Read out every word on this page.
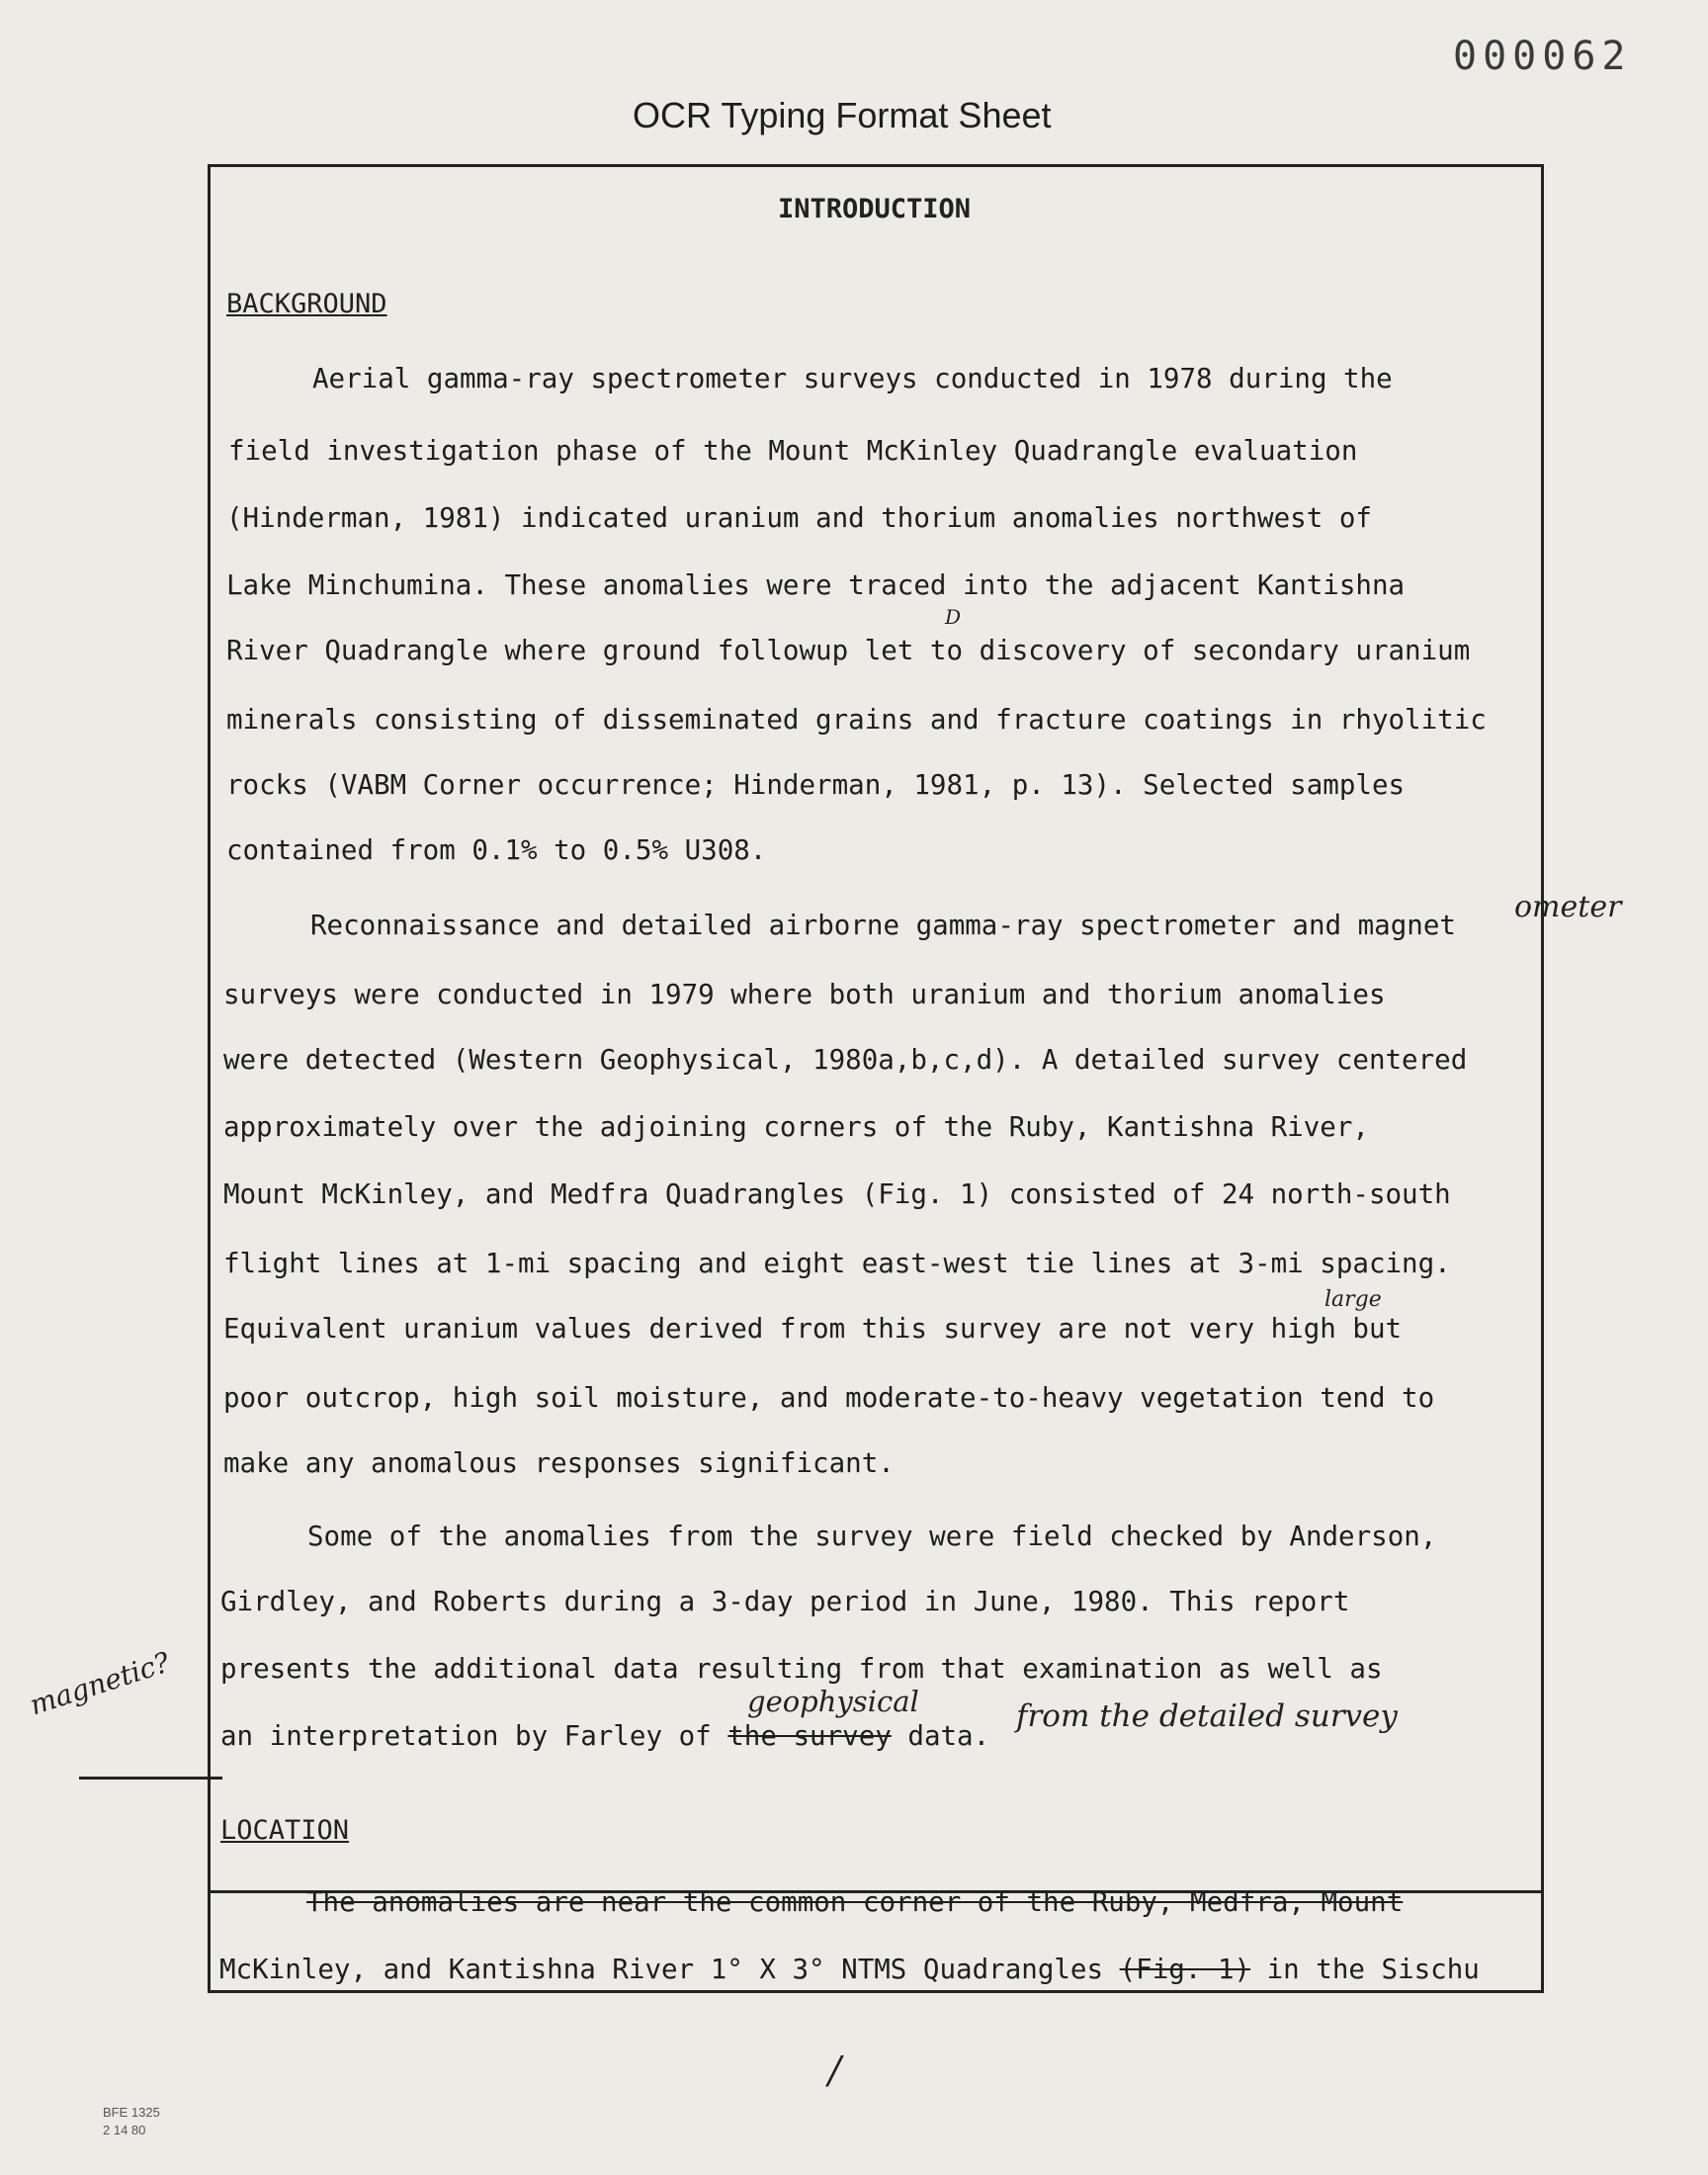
000062
OCR Typing Format Sheet
INTRODUCTION
BACKGROUND
Aerial gamma-ray spectrometer surveys conducted in 1978 during the
field investigation phase of the Mount McKinley Quadrangle evaluation
(Hinderman, 1981) indicated uranium and thorium anomalies northwest of
Lake Minchumina. These anomalies were traced into the adjacent Kantishna
River Quadrangle where ground followup let to discovery of secondary uranium
minerals consisting of disseminated grains and fracture coatings in rhyolitic
rocks (VABM Corner occurrence; Hinderman, 1981, p. 13). Selected samples
contained from 0.1% to 0.5% U308.
Reconnaissance and detailed airborne gamma-ray spectrometer and magnet
surveys were conducted in 1979 where both uranium and thorium anomalies
were detected (Western Geophysical, 1980a,b,c,d). A detailed survey centered
approximately over the adjoining corners of the Ruby, Kantishna River,
Mount McKinley, and Medfra Quadrangles (Fig. 1) consisted of 24 north-south
flight lines at 1-mi spacing and eight east-west tie lines at 3-mi spacing.
Equivalent uranium values derived from this survey are not very high but
poor outcrop, high soil moisture, and moderate-to-heavy vegetation tend to
make any anomalous responses significant.
Some of the anomalies from the survey were field checked by Anderson,
Girdley, and Roberts during a 3-day period in June, 1980. This report
presents the additional data resulting from that examination as well as
an interpretation by Farley of the survey data.
LOCATION
The anomalies are near the common corner of the Ruby, Medfra, Mount
McKinley, and Kantishna River 1° X 3° NTMS Quadrangles (Fig. 1) in the Sischu
D
ometer
large
geophysical	from the detailed survey
magnetic?
/
BFE 1325
2 14 80
